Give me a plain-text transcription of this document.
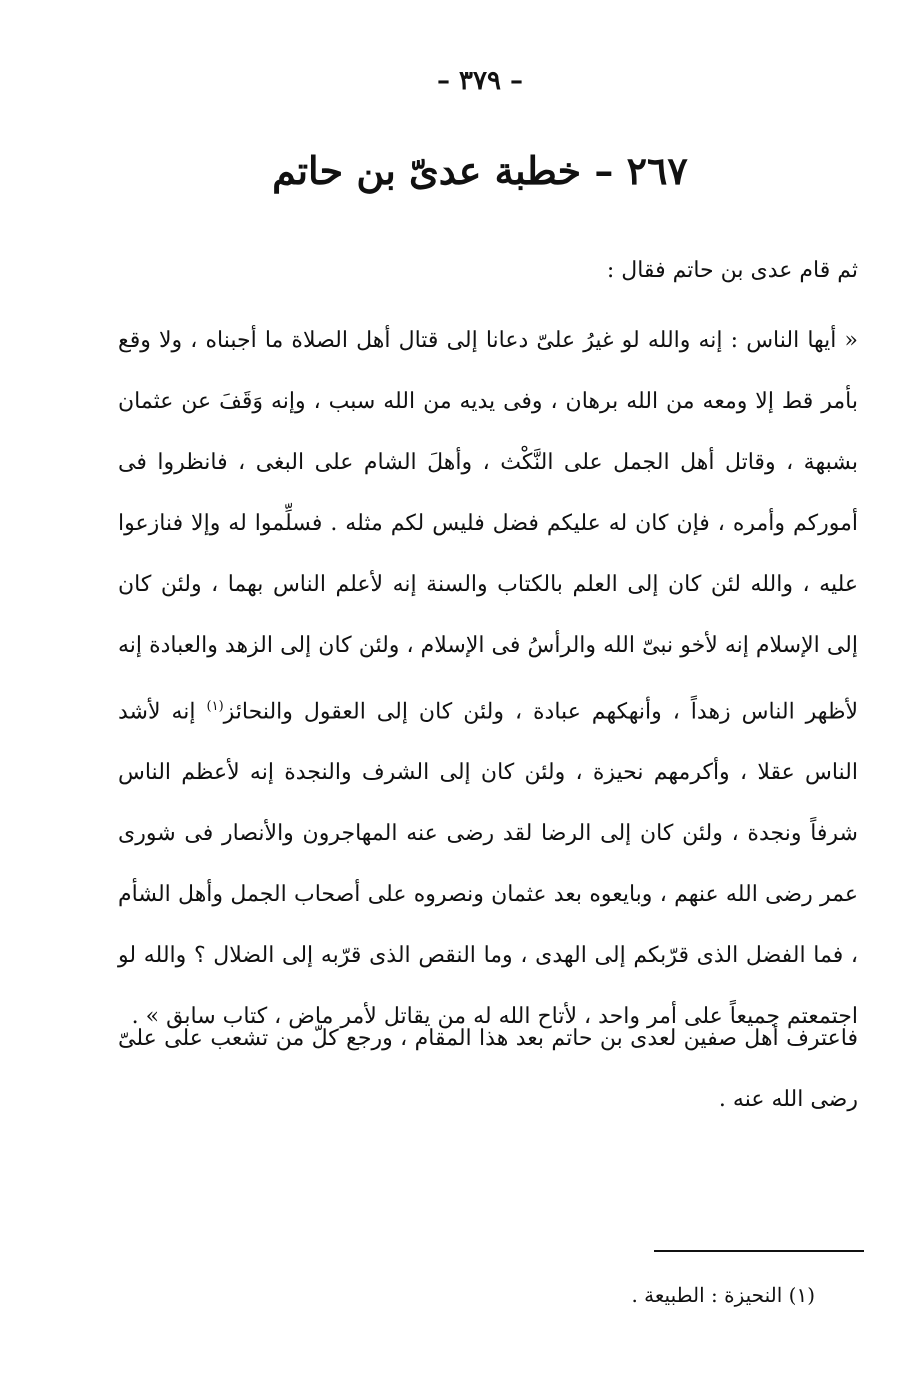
– ٣٧٩ –
٢٦٧ – خطبة عدىّ بن حاتم

ثم قام عدى بن حاتم فقال :

« أيها الناس : إنه والله لو غيرُ علىّ دعانا إلى قتال أهل الصلاة ما أجبناه ، ولا وقع بأمر قط إلا ومعه من الله برهان ، وفى يديه من الله سبب ، وإنه وَقَفَ عن عثمان بشبهة ، وقاتل أهل الجمل على النَّكْث ، وأهلَ الشام على البغى ، فانظروا فى أموركم وأمره ، فإن كان له عليكم فضل فليس لكم مثله . فسلِّموا له وإلا فنازعوا عليه ، والله لئن كان إلى العلم بالكتاب والسنة إنه لأعلم الناس بهما ، ولئن كان إلى الإسلام إنه لأخو نبىّ الله والرأسُ فى الإسلام ، ولئن كان إلى الزهد والعبادة إنه لأظهر الناس زهداً ، وأنهكهم عبادة ، ولئن كان إلى العقول والنحائز$^{(١)}$ إنه لأشد الناس عقلا ، وأكرمهم نحيزة ، ولئن كان إلى الشرف والنجدة إنه لأعظم الناس شرفاً ونجدة ، ولئن كان إلى الرضا لقد رضى عنه المهاجرون والأنصار فى شورى عمر رضى الله عنهم ، وبايعوه بعد عثمان ونصروه على أصحاب الجمل وأهل الشأم ، فما الفضل الذى قرّبكم إلى الهدى ، وما النقص الذى قرّبه إلى الضلال ؟ والله لو اجتمعتم جميعاً على أمر واحد ، لأتاح الله له من يقاتل لأمر ماض ، كتاب سابق » .

فاعترف أهل صفين لعدى بن حاتم بعد هذا المقام ، ورجع كلّ من تشعب على علىّ رضى الله عنه .

(١) النحيزة : الطبيعة .
